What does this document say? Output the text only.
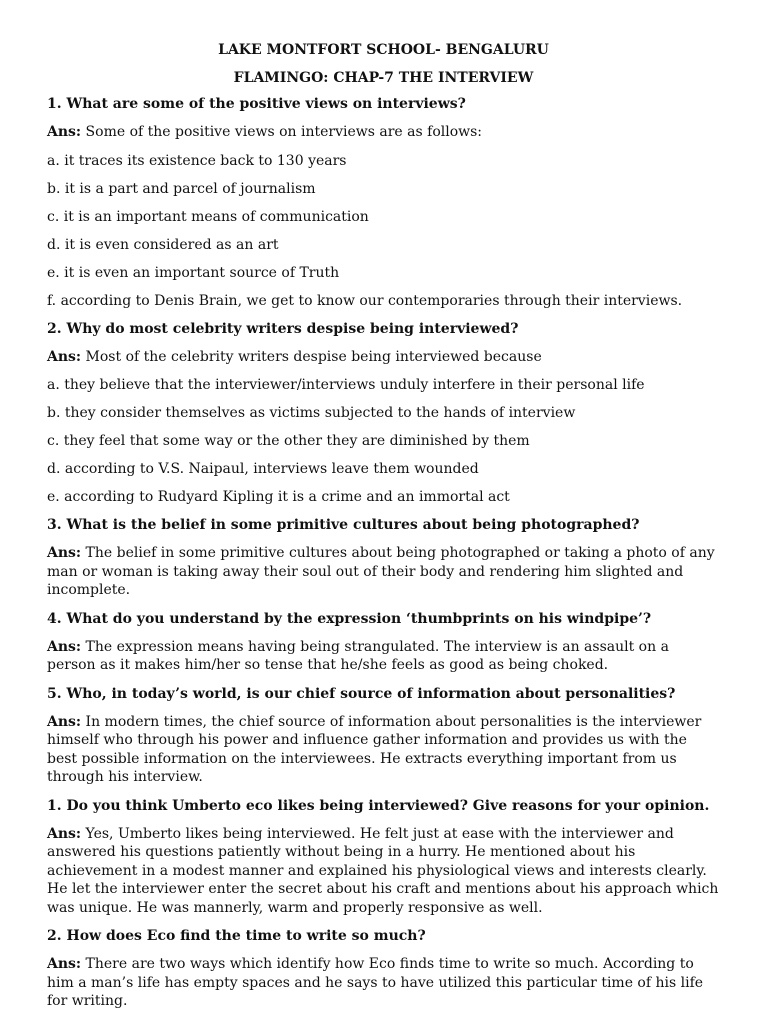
LAKE MONTFORT SCHOOL- BENGALURU
FLAMINGO: CHAP-7 THE INTERVIEW
1. What are some of the positive views on interviews?
Ans: Some of the positive views on interviews are as follows:
a. it traces its existence back to 130 years
b. it is a part and parcel of journalism
c. it is an important means of communication
d. it is even considered as an art
e. it is even an important source of Truth
f. according to Denis Brain, we get to know our contemporaries through their interviews.
2. Why do most celebrity writers despise being interviewed?
Ans: Most of the celebrity writers despise being interviewed because
a. they believe that the interviewer/interviews unduly interfere in their personal life
b. they consider themselves as victims subjected to the hands of interview
c. they feel that some way or the other they are diminished by them
d. according to V.S. Naipaul, interviews leave them wounded
e. according to Rudyard Kipling it is a crime and an immortal act
3. What is the belief in some primitive cultures about being photographed?
Ans: The belief in some primitive cultures about being photographed or taking a photo of any man or woman is taking away their soul out of their body and rendering him slighted and incomplete.
4. What do you understand by the expression ‘thumbprints on his windpipe’?
Ans: The expression means having being strangulated. The interview is an assault on a person as it makes him/her so tense that he/she feels as good as being choked.
5. Who, in today’s world, is our chief source of information about personalities?
Ans: In modern times, the chief source of information about personalities is the interviewer himself who through his power and influence gather information and provides us with the best possible information on the interviewees. He extracts everything important from us through his interview.
1. Do you think Umberto eco likes being interviewed? Give reasons for your opinion.
Ans: Yes, Umberto likes being interviewed. He felt just at ease with the interviewer and answered his questions patiently without being in a hurry. He mentioned about his achievement in a modest manner and explained his physiological views and interests clearly. He let the interviewer enter the secret about his craft and mentions about his approach which was unique. He was mannerly, warm and properly responsive as well.
2. How does Eco find the time to write so much?
Ans: There are two ways which identify how Eco finds time to write so much. According to him a man’s life has empty spaces and he says to have utilized this particular time of his life for writing.
